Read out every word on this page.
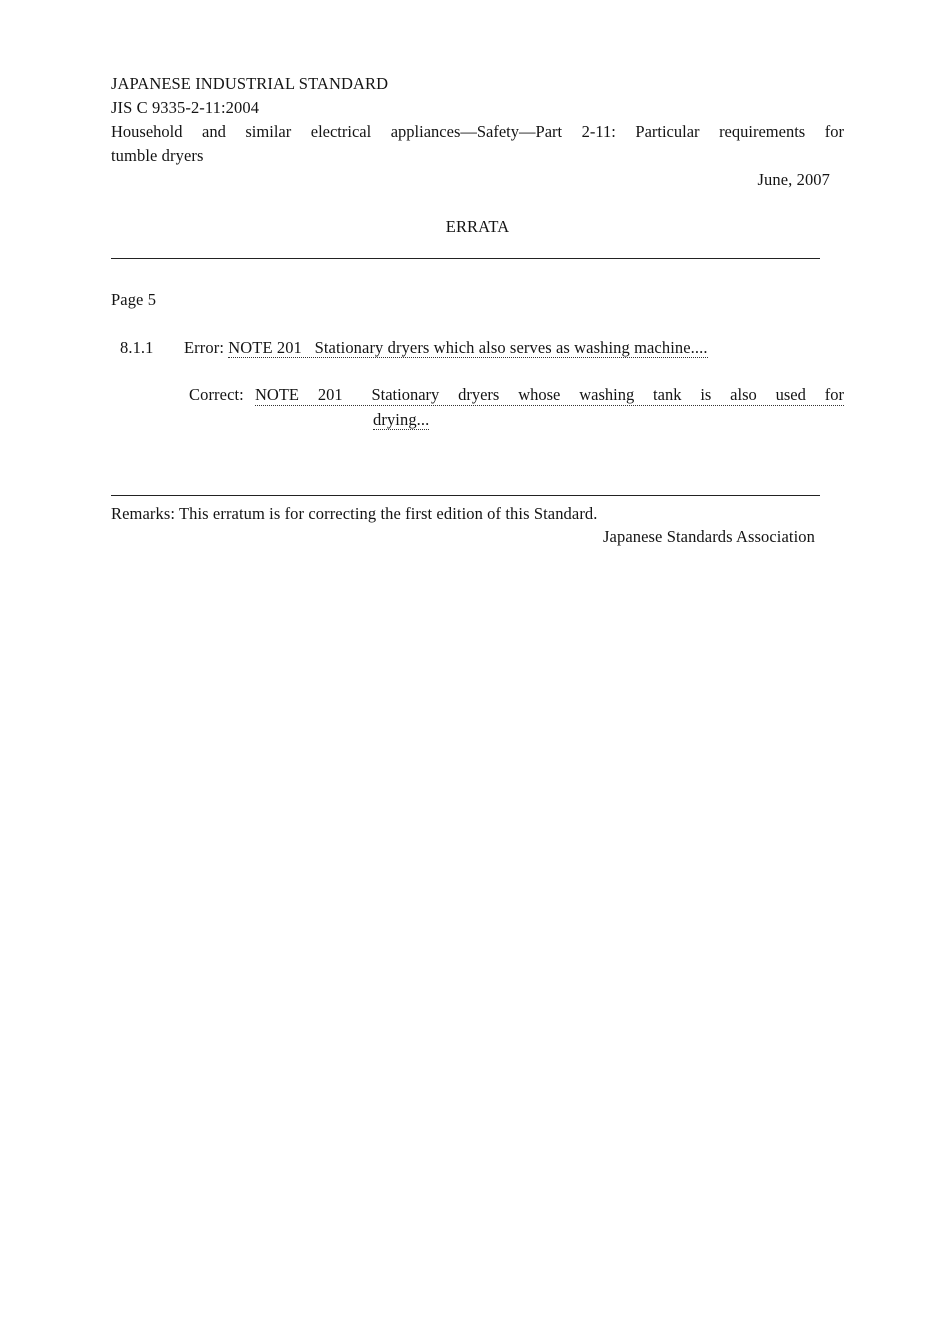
JAPANESE INDUSTRIAL STANDARD
JIS C 9335-2-11:2004
Household and similar electrical appliances—Safety—Part 2-11: Particular requirements for
tumble dryers
June, 2007
ERRATA
Page 5
8.1.1 Error: NOTE 201   Stationary dryers which also serves as washing machine....
Correct: NOTE 201 Stationary dryers whose washing tank is also used for
drying...
Remarks: This erratum is for correcting the first edition of this Standard.
Japanese Standards Association
